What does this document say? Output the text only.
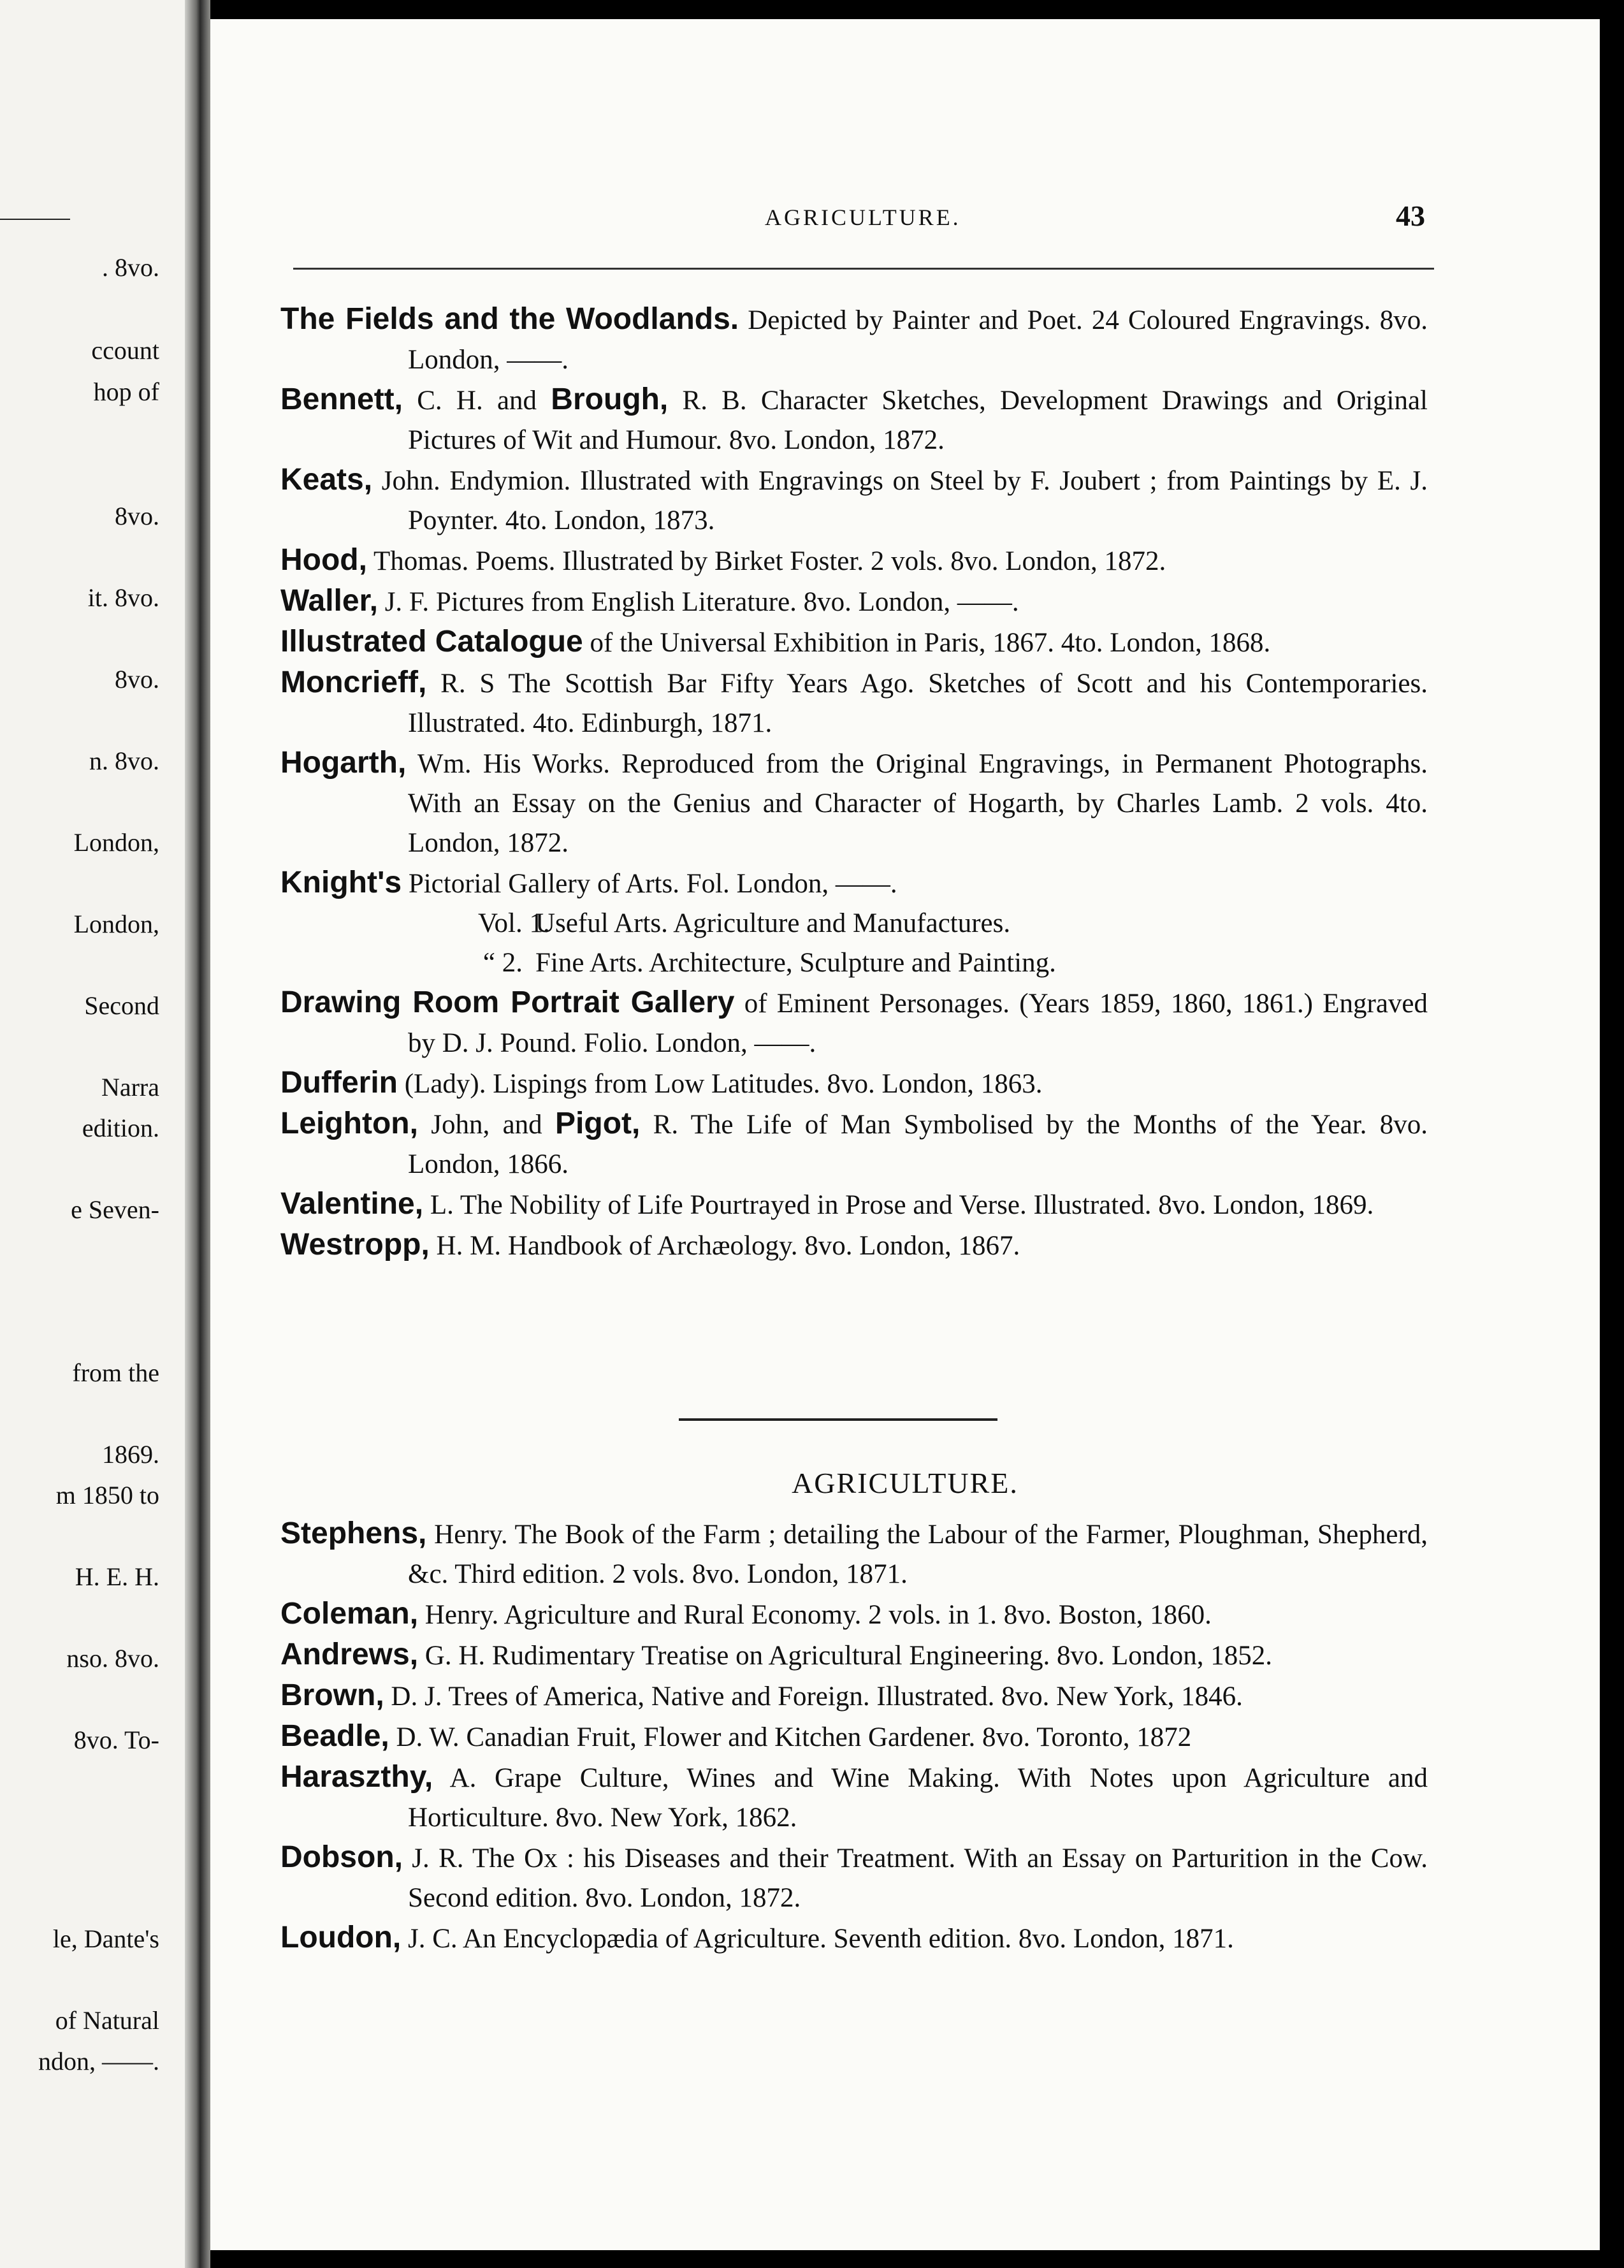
. 8vo.
ccount
hop of
8vo.
it. 8vo.
8vo.
n. 8vo.
London,
London,
Second
Narra
edition.
e Seven-
from the
1869.
m 1850 to
H. E. H.
nso. 8vo.
8vo. To-
le, Dante's
of Natural
ndon, ——.
AGRICULTURE.	43
The Fields and the Woodlands. Depicted by Painter and Poet. 24 Coloured Engravings. 8vo. London, ——.
Bennett, C. H. and Brough, R. B. Character Sketches, Development Drawings and Original Pictures of Wit and Humour. 8vo. London, 1872.
Keats, John. Endymion. Illustrated with Engravings on Steel by F. Joubert ; from Paintings by E. J. Poynter. 4to. London, 1873.
Hood, Thomas. Poems. Illustrated by Birket Foster. 2 vols. 8vo. London, 1872.
Waller, J. F. Pictures from English Literature. 8vo. London, ——.
Illustrated Catalogue of the Universal Exhibition in Paris, 1867. 4to. London, 1868.
Moncrieff, R. S The Scottish Bar Fifty Years Ago. Sketches of Scott and his Contemporaries. Illustrated. 4to. Edinburgh, 1871.
Hogarth, Wm. His Works. Reproduced from the Original Engravings, in Permanent Photographs. With an Essay on the Genius and Character of Hogarth, by Charles Lamb. 2 vols. 4to. London, 1872.
Knight's Pictorial Gallery of Arts. Fol. London, ——.
Vol. 1.Useful Arts. Agriculture and Manufactures.
“ 2. Fine Arts. Architecture, Sculpture and Painting.
Drawing Room Portrait Gallery of Eminent Personages. (Years 1859, 1860, 1861.) Engraved by D. J. Pound. Folio. London, ——.
Dufferin (Lady). Lispings from Low Latitudes. 8vo. London, 1863.
Leighton, John, and Pigot, R. The Life of Man Symbolised by the Months of the Year. 8vo. London, 1866.
Valentine, L. The Nobility of Life Pourtrayed in Prose and Verse. Illustrated. 8vo. London, 1869.
Westropp, H. M. Handbook of Archæology. 8vo. London, 1867.
AGRICULTURE.
Stephens, Henry. The Book of the Farm ; detailing the Labour of the Farmer, Ploughman, Shepherd, &c. Third edition. 2 vols. 8vo. London, 1871.
Coleman, Henry. Agriculture and Rural Economy. 2 vols. in 1. 8vo. Boston, 1860.
Andrews, G. H. Rudimentary Treatise on Agricultural Engineering. 8vo. London, 1852.
Brown, D. J. Trees of America, Native and Foreign. Illustrated. 8vo. New York, 1846.
Beadle, D. W. Canadian Fruit, Flower and Kitchen Gardener. 8vo. Toronto, 1872
Haraszthy, A. Grape Culture, Wines and Wine Making. With Notes upon Agriculture and Horticulture. 8vo. New York, 1862.
Dobson, J. R. The Ox : his Diseases and their Treatment. With an Essay on Parturition in the Cow. Second edition. 8vo. London, 1872.
Loudon, J. C. An Encyclopædia of Agriculture. Seventh edition. 8vo. London, 1871.
